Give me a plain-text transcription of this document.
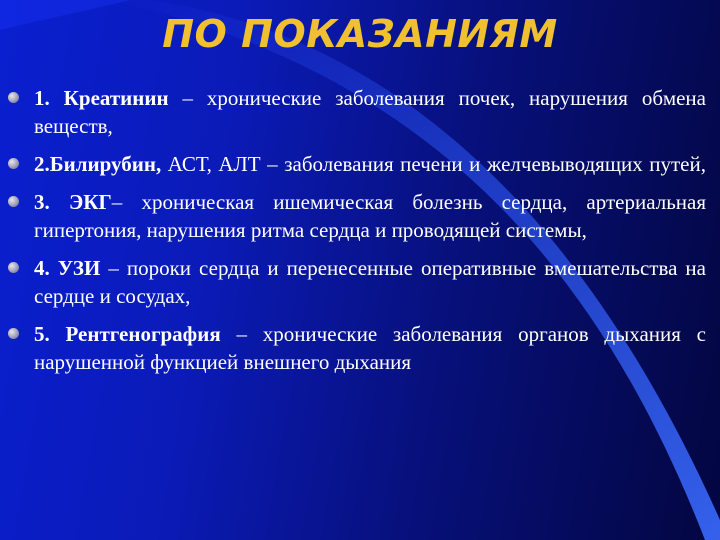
ПО ПОКАЗАНИЯМ
1. Креатинин – хронические заболевания почек, нарушения обмена веществ,
2.Билирубин, АСТ, АЛТ – заболевания печени и желчевыводящих путей,
3. ЭКГ– хроническая ишемическая болезнь сердца, артериальная гипертония, нарушения ритма сердца и проводящей системы,
4. УЗИ – пороки сердца и перенесенные оперативные вмешательства на сердце и сосудах,
5. Рентгенография – хронические заболевания органов дыхания с нарушенной функцией внешнего дыхания
